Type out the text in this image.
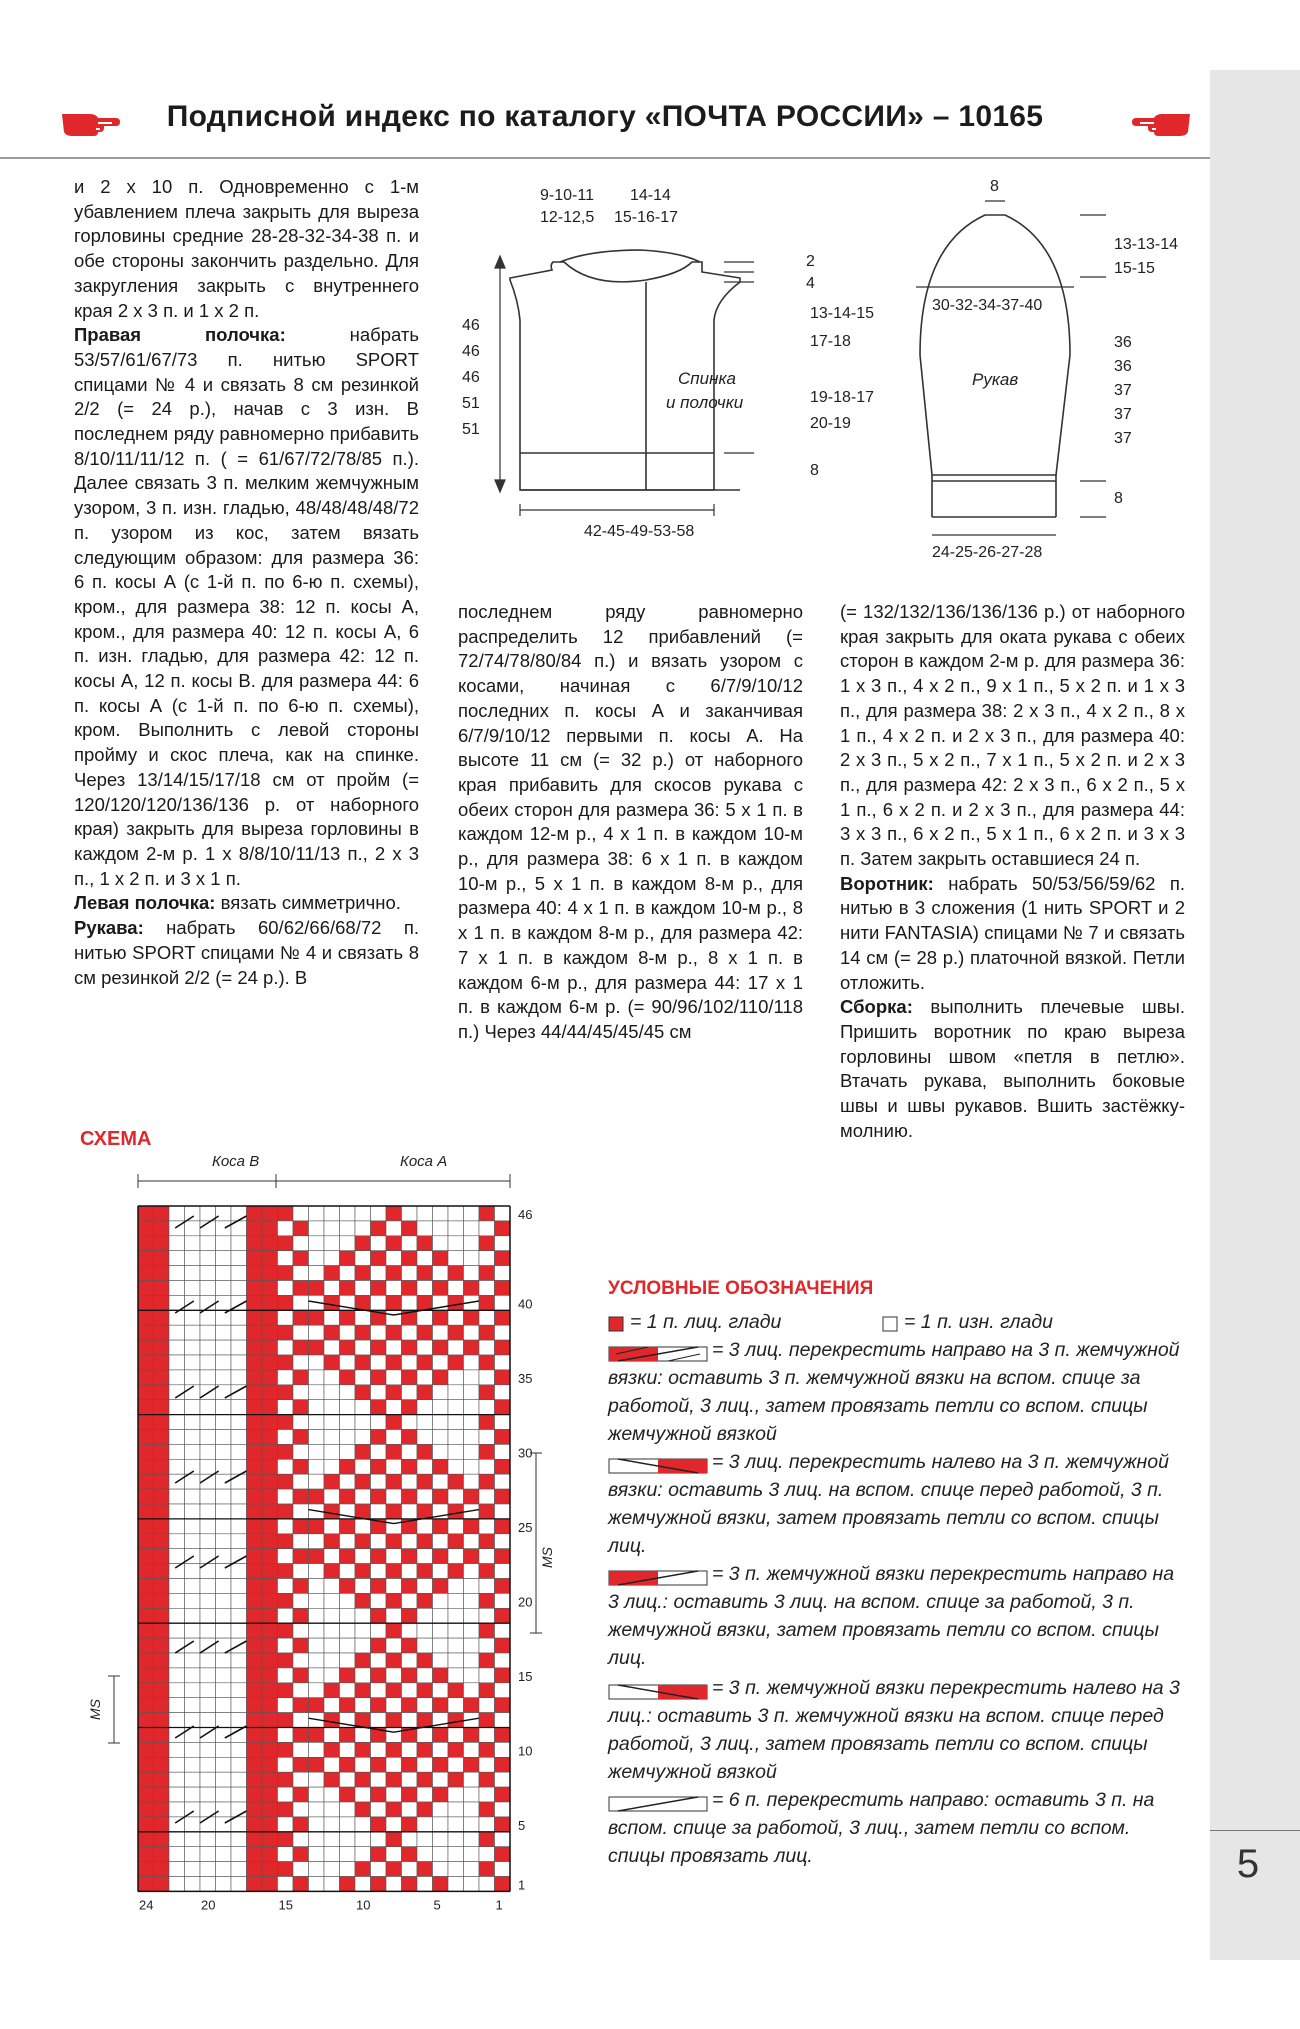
Подписной индекс по каталогу «ПОЧТА РОССИИ» – 10165

и 2 х 10 п. Одновременно с 1-м убавлением плеча закрыть для выреза горловины средние 28-28-32-34-38 п. и обе стороны закончить раздельно. Для закругления закрыть с внутреннего края 2 х 3 п. и 1 х 2 п.

Правая полочка: набрать 53/57/61/67/73 п. нитью SPORT спицами № 4 и связать 8 см резинкой 2/2 (= 24 р.), начав с 3 изн. В последнем ряду равномерно прибавить 8/10/11/11/12 п. ( = 61/67/72/78/85 п.). Далее связать 3 п. мелким жемчужным узором, 3 п. изн. гладью, 48/48/48/48/72 п. узором из кос, затем вязать следующим образом: для размера 36: 6 п. косы А (с 1-й п. по 6-ю п. схемы), кром., для размера 38: 12 п. косы А, кром., для размера 40: 12 п. косы А, 6 п. изн. гладью, для размера 42: 12 п. косы А, 12 п. косы В. для размера 44: 6 п. косы А (с 1-й п. по 6-ю п. схемы), кром. Выполнить с левой стороны пройму и скос плеча, как на спинке. Через 13/14/15/17/18 см от пройм (= 120/120/120/136/136 р. от наборного края) закрыть для выреза горловины в каждом 2-м р. 1 х 8/8/10/11/13 п., 2 х 3 п., 1 х 2 п. и 3 х 1 п.

Левая полочка: вязать симметрично.

Рукава: набрать 60/62/66/68/72 п. нитью SPORT спицами № 4 и связать 8 см резинкой 2/2 (= 24 р.). В

последнем ряду равномерно распределить 12 прибавлений (= 72/74/78/80/84 п.) и вязать узором с косами, начиная с 6/7/9/10/12 последних п. косы А и заканчивая 6/7/9/10/12 первыми п. косы А. На высоте 11 см (= 32 р.) от наборного края прибавить для скосов рукава с обеих сторон для размера 36: 5 х 1 п. в каждом 12-м р., 4 х 1 п. в каждом 10-м р., для размера 38: 6 х 1 п. в каждом 10-м р., 5 х 1 п. в каждом 8-м р., для размера 40: 4 х 1 п. в каждом 10-м р., 8 х 1 п. в каждом 8-м р., для размера 42: 7 х 1 п. в каждом 8-м р., 8 х 1 п. в каждом 6-м р., для размера 44: 17 х 1 п. в каждом 6-м р. (= 90/96/102/110/118 п.) Через 44/44/45/45/45 см

(= 132/132/136/136/136 р.) от наборного края закрыть для оката рукава с обеих сторон в каждом 2-м р. для размера 36: 1 х 3 п., 4 х 2 п., 9 х 1 п., 5 х 2 п. и 1 х 3 п., для размера 38: 2 х 3 п., 4 х 2 п., 8 х 1 п., 4 х 2 п. и 2 х 3 п., для размера 40: 2 х 3 п., 5 х 2 п., 7 х 1 п., 5 х 2 п. и 2 х 3 п., для размера 42: 2 х 3 п., 6 х 2 п., 5 х 1 п., 6 х 2 п. и 2 х 3 п., для размера 44: 3 х 3 п., 6 х 2 п., 5 х 1 п., 6 х 2 п. и 3 х 3 п. Затем закрыть оставшиеся 24 п.

Воротник: набрать 50/53/56/59/62 п. нитью в 3 сложения (1 нить SPORT и 2 нити FANTASIA) спицами № 7 и связать 14 см (= 28 р.) платочной вязкой. Петли отложить.

Сборка: выполнить плечевые швы. Пришить воротник по краю выреза горловины швом «петля в петлю». Втачать рукава, выполнить боковые швы и швы рукавов. Вшить застёжку-молнию.

9-10-11
12-12,5
14-14
15-16-17
2
4
13-14-15
17-18
19-18-17
20-19
8
46
46
46
51
51
Спинка
и полочки
42-45-49-53-58
8
30-32-34-37-40
Рукав
13-13-14
15-15
36
36
37
37
37
8
24-25-26-27-28
СХЕМА
Коса В	Коса А
46
40
35
30
25
20
15
10
5
1
24	20	15	10	5	1
MS
MS
УСЛОВНЫЕ ОБОЗНАЧЕНИЯ
= 1 п. лиц. глади	= 1 п. изн. глади
= 3 лиц. перекрестить направо на 3 п. жемчужной вязки: оставить 3 п. жемчужной вязки на вспом. спице за работой, 3 лиц., затем провязать петли со вспом. спицы жемчужной вязкой
= 3 лиц. перекрестить налево на 3 п. жемчужной вязки: оставить 3 лиц. на вспом. спице перед работой, 3 п. жемчужной вязки, затем провязать петли со вспом. спицы лиц.
= 3 п. жемчужной вязки перекрестить направо на 3 лиц.: оставить 3 лиц. на вспом. спице за работой, 3 п. жемчужной вязки, затем провязать петли со вспом. спицы лиц.
= 3 п. жемчужной вязки перекрестить налево на 3 лиц.: оставить 3 п. жемчужной вязки на вспом. спице перед работой, 3 лиц., затем провязать петли со вспом. спицы жемчужной вязкой
= 6 п. перекрестить направо: оставить 3 п. на вспом. спице за работой, 3 лиц., затем петли со вспом. спицы провязать лиц.	5
